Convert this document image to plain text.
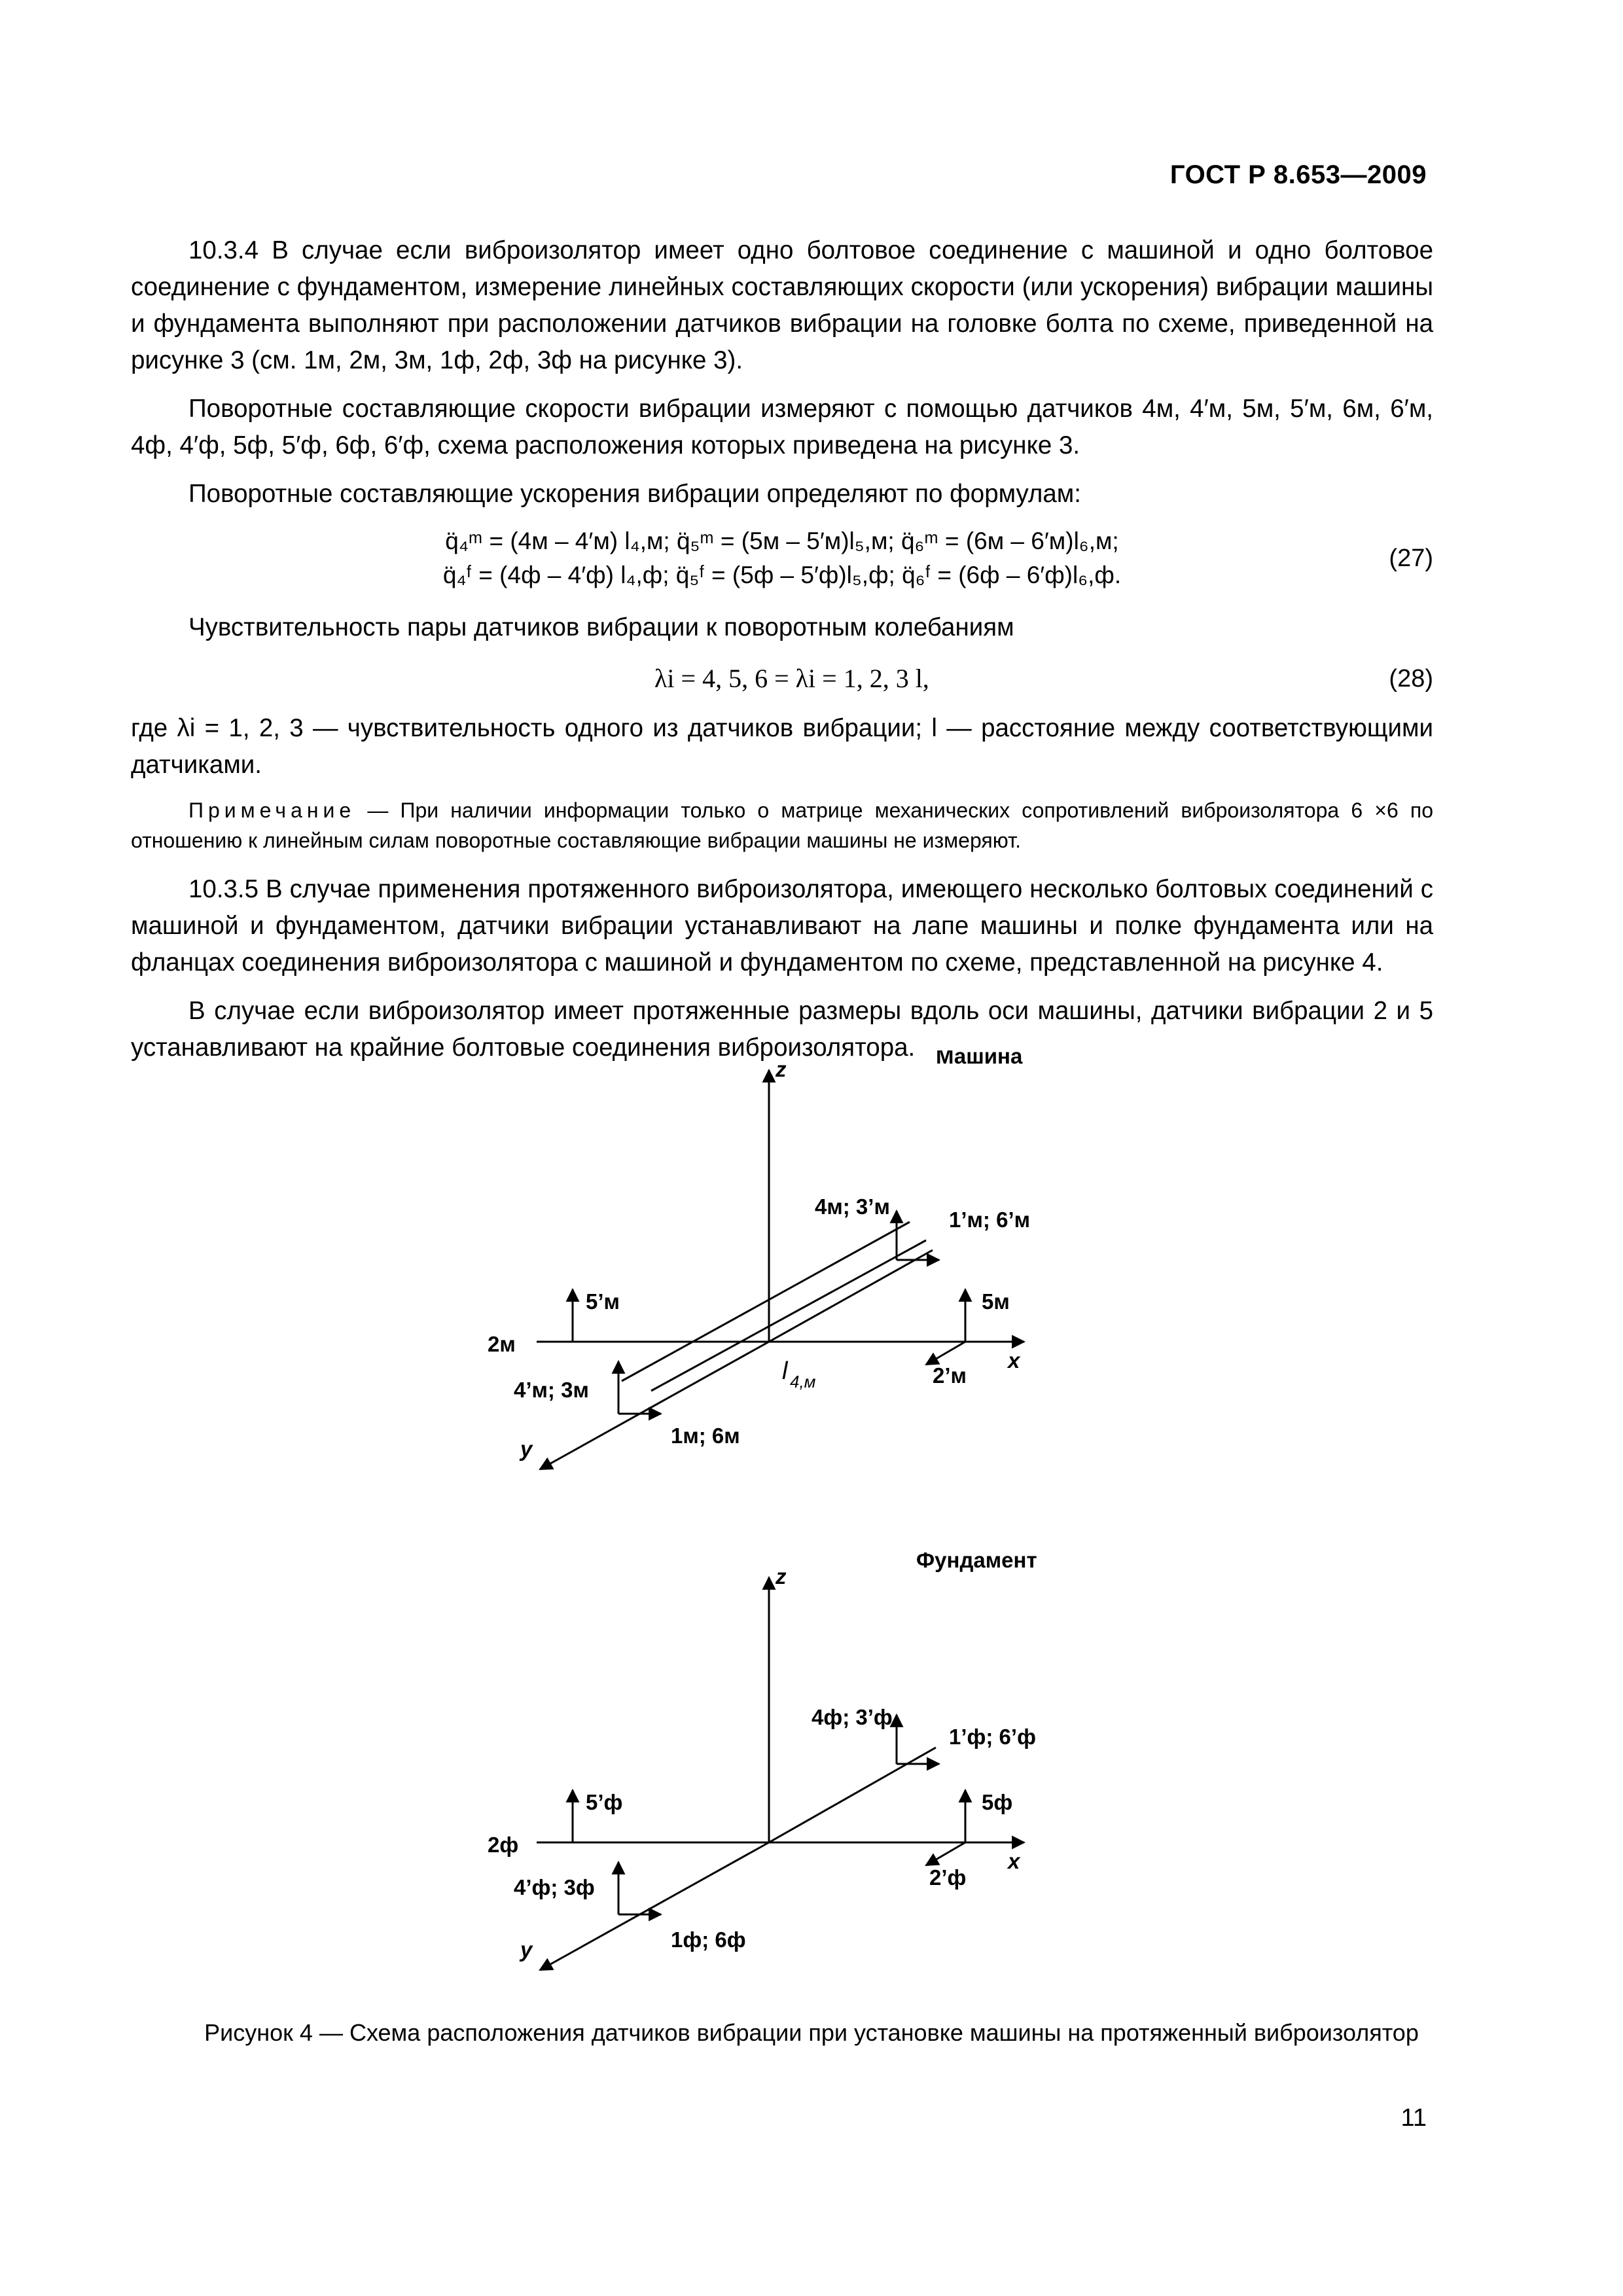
ГОСТ Р 8.653—2009

10.3.4 В случае если виброизолятор имеет одно болтовое соединение с машиной и одно болтовое соединение с фундаментом, измерение линейных составляющих скорости (или ускорения) вибрации машины и фундамента выполняют при расположении датчиков вибрации на головке болта по схеме, приведенной на рисунке 3 (см. 1м, 2м, 3м, 1ф, 2ф, 3ф на рисунке 3).

Поворотные составляющие скорости вибрации измеряют с помощью датчиков 4м, 4′м, 5м, 5′м, 6м, 6′м, 4ф, 4′ф, 5ф, 5′ф, 6ф, 6′ф, схема расположения которых приведена на рисунке 3.

Поворотные составляющие ускорения вибрации определяют по формулам:

q̈₄ᵐ = (4м – 4′м) l₄,м; q̈₅ᵐ = (5м – 5′м)l₅,м; q̈₆ᵐ = (6м – 6′м)l₆,м;
q̈₄ᶠ = (4ф – 4′ф) l₄,ф; q̈₅ᶠ = (5ф – 5′ф)l₅,ф; q̈₆ᶠ = (6ф – 6′ф)l₆,ф.
(27)

Чувствительность пары датчиков вибрации к поворотным колебаниям

λi = 4, 5, 6 = λi = 1, 2, 3 l,	(28)

где λi = 1, 2, 3 — чувствительность одного из датчиков вибрации; l — расстояние между соответствующими датчиками.

Примечание — При наличии информации только о матрице механических сопротивлений виброизолятора 6 ×6 по отношению к линейным силам поворотные составляющие вибрации машины не измеряют.

10.3.5 В случае применения протяженного виброизолятора, имеющего несколько болтовых соединений с машиной и фундаментом, датчики вибрации устанавливают на лапе машины и полке фундамента или на фланцах соединения виброизолятора с машиной и фундаментом по схеме, представленной на рисунке 4.

В случае если виброизолятор имеет протяженные размеры вдоль оси машины, датчики вибрации 2 и 5 устанавливают на крайние болтовые соединения виброизолятора. Машина
z
x
y
4м; 3’м
1’м; 6’м
5’м	5м
2м
2’м
4’м; 3м
1м; 6м
l 4,м
Фундамент
z
x
y
4ф; 3’ф
1’ф; 6’ф
5’ф	5ф
2ф
2’ф
4’ф; 3ф
1ф; 6ф
Рисунок 4 — Схема расположения датчиков вибрации при установке машины на протяженный виброизолятор
11
